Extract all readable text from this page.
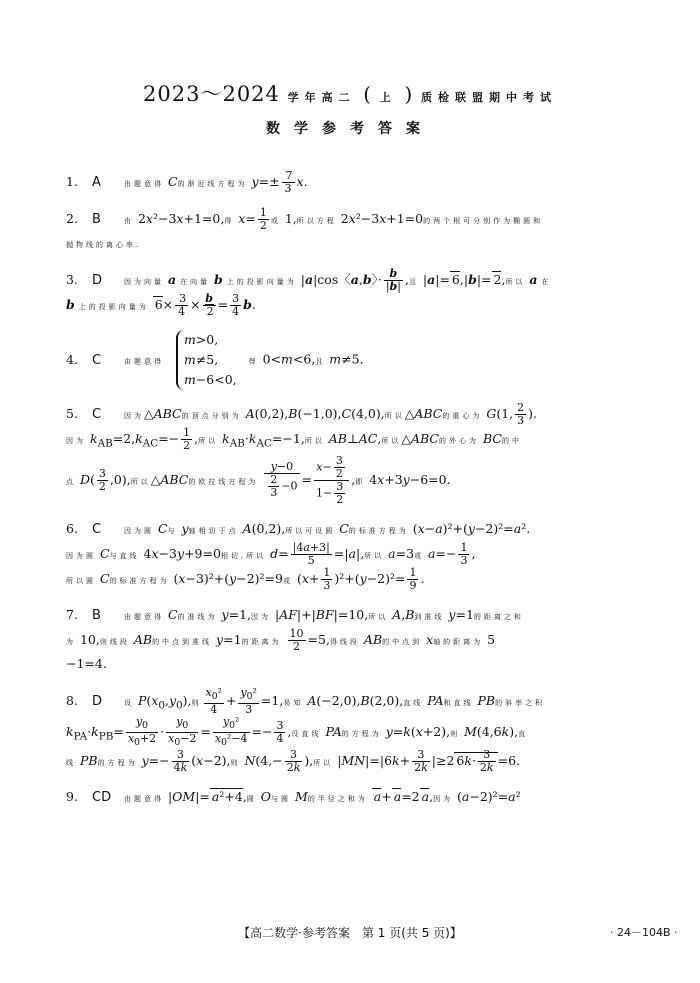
2023～2024 学年高二 ( 上 ) 质检联盟期中考试
数学参考答案
1. A	由题意得 C的渐近线方程为 $y=\pm \frac{7}{3} x$.
2. B	由 2x²−3x+1=0,得 $x= \frac{1}{2}$ 或 1,所以方程 2x²−3x+1=0的两个根可分别作为椭圆和
抛物线的离心率.
3. D	因为向量 a 在向量 b 上的投影向量为 |a|cos〈a,b〉· $\frac{b}{|b|}$ ,且 |a|= 6,|b|= 2,所以 a 在
b 上的投影向量为 $6\times \frac{3}{4} \times \frac{b}{2} = \frac{3}{4} b$.
4. C	由题意得 m>0,
m≠5,
m−6<0, 得 0<m<6,且 m≠5.
5. C	因为△ABC的顶点分别为 A(0,2),B(−1,0),C(4,0),所以△ABC的重心为 G(1, $\frac{2}{3}$ ).
因为 $k_{AB}=2,k_{AC}=- \frac{1}{2}$ ,所以 $k_{AB}\cdot k_{AC}=-1$,所以 AB⊥AC,所以△ABC的外心为 BC的中
点 $D( \frac{3}{2} ,0)$,所以△ABC的欧拉线方程为 $\frac{y-0}{\frac{2}{3} -0} = \frac{x- \frac{3}{2}}{1- \frac{3}{2}}$ ,即 4x+3y−6=0.
6. C	因为圆 C与 y轴相切于点 A(0,2),所以可设圆 C的标准方程为 (x−a)²+(y−2)²=a².
因为圆 C与直线 4x−3y+9=0相切,所以 $d= \frac{|4a+3|}{5} =|a|$,所以 a=3或 $a=- \frac{1}{3}$ ,
所以圆 C的标准方程为 (x−3)²+(y−2)²=9或 $(x+ \frac{1}{3} )^2+(y-2)^2= \frac{1}{9}$ .
7. B	由题意得 C的准线为 y=1,因为 |AF|+|BF|=10,所以 A,B到准线 y=1的距离之和
为 10,则线段 AB的中点到准线 y=1的距离为 $\frac{10}{2} =5$,得线段 AB的中点到 x轴的距离为 5
−1=4.
8. D	设 $P(x_0,y_0)$,则 $\frac{x_0^2}{4} + \frac{y_0^2}{3} =1$,易知 A(−2,0),B(2,0),直线 PA和直线 PB的斜率之积
$k_{PA}\cdot k_{PB}= \frac{y_0}{x_0+2} \cdot \frac{y_0}{x_0-2} = \frac{y_0^2}{x_0^2-4} =- \frac{3}{4}$ ,设直线 PA的方程为 y=k(x+2),则 M(4,6k),直
线 PB的方程为 $y=- \frac{3}{4k} (x-2)$,则 $N(4,- \frac{3}{2k}$ ),所以 $|MN|=|6k+ \frac{3}{2k} |\ge 2$ $6k\cdot \frac{3}{2k} =6$.
9. CD 由题意得 |OM|= a²+4,圆 O与圆 M的半径之和为 a+ a=2 a,因为 (a−2)²=a²
【高二数学·参考答案　第 1 页(共 5 页)】	· 24－104B ·
